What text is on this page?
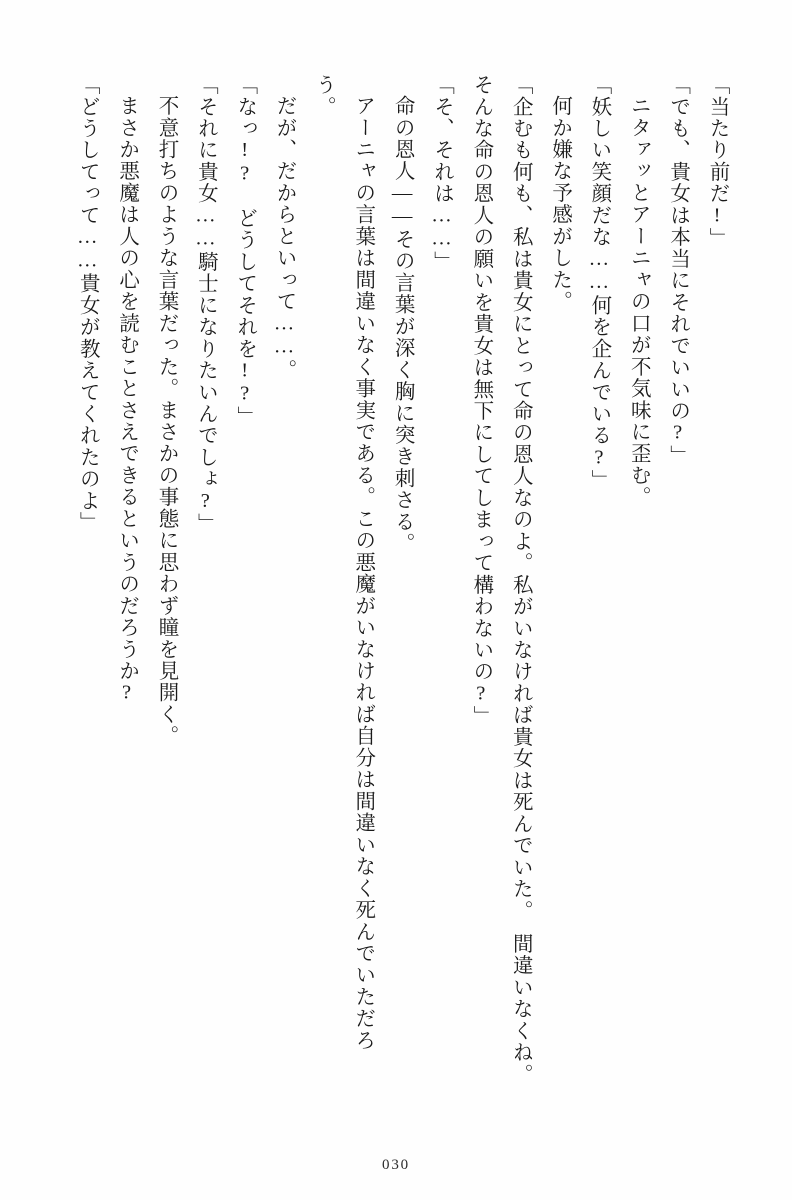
「当たり前だ!」

「でも、貴女は本当にそれでいいの?」

ニタァッとアーニャの口が不気味に歪む。

「妖しい笑顔だな……何を企んでいる?」

何か嫌な予感がした。

「企むも何も、私は貴女にとって命の恩人なのよ。私がいなければ貴女は死んでいた。　間違いなくね。そんな命の恩人の願いを貴女は無下にしてしまって構わないの?」

「そ、それは……」

命の恩人——その言葉が深く胸に突き刺さる。

アーニャの言葉は間違いなく事実である。この悪魔がいなければ自分は間違いなく死んでいただろう。

だが、だからといって……。

「なっ!?　どうしてそれを!?」

「それに貴女……騎士になりたいんでしょ?」

不意打ちのような言葉だった。まさかの事態に思わず瞳を見開く。

まさか悪魔は人の心を読むことさえできるというのだろうか?

「どうしてって……貴女が教えてくれたのよ」

030
